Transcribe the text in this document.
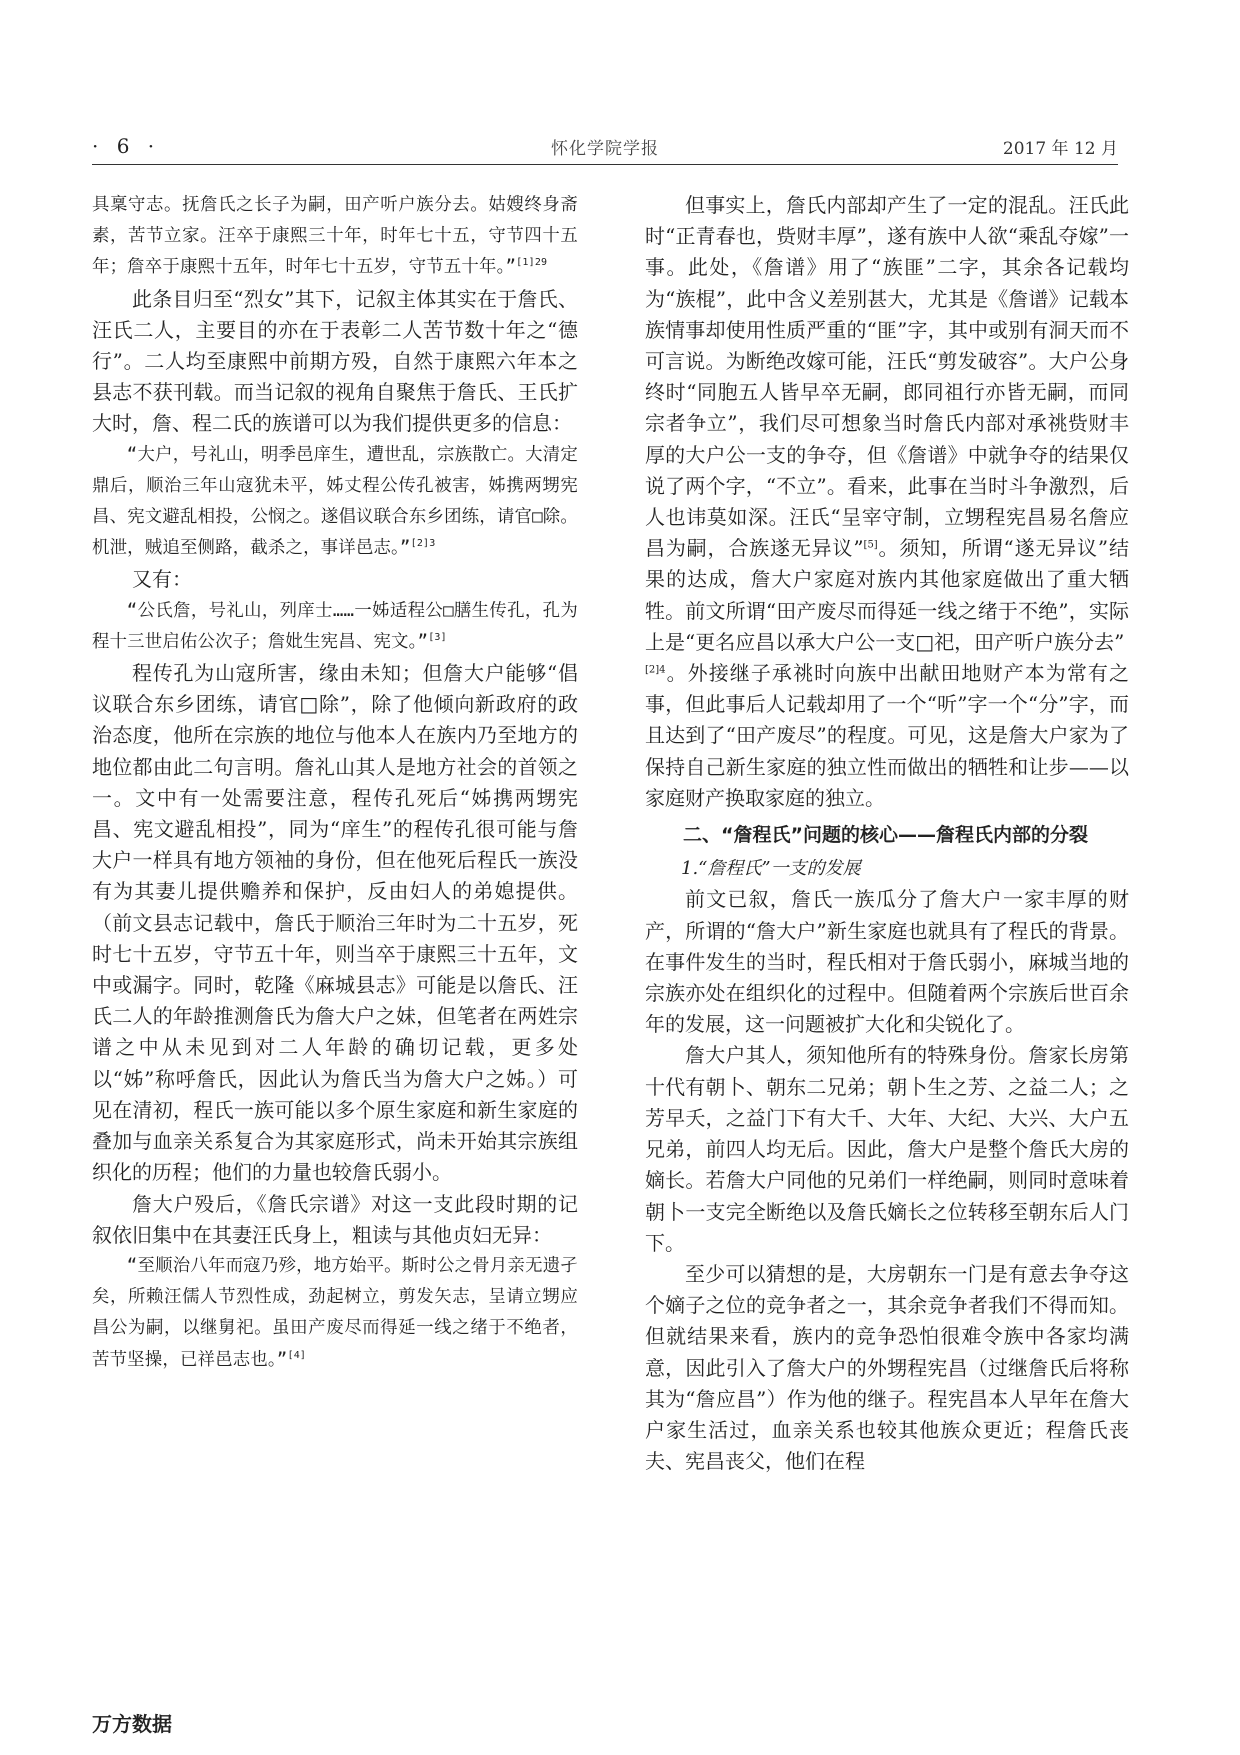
· 6 ·	怀化学院学报	2017 年 12 月

具稟守志。抚詹氏之长子为嗣，田产听户族分去。姑嫂终身斋素，苦节立家。汪卒于康熙三十年，时年七十五，守节四十五年；詹卒于康熙十五年，时年七十五岁，守节五十年。”$^{[1]29}$

此条目归至“烈女”其下，记叙主体其实在于詹氏、汪氏二人，主要目的亦在于表彰二人苦节数十年之“德行”。二人均至康熙中前期方殁，自然于康熙六年本之县志不获刊载。而当记叙的视角自聚焦于詹氏、王氏扩大时，詹、程二氏的族谱可以为我们提供更多的信息：

“大户，号礼山，明季邑庠生，遭世乱，宗族散亡。大清定鼎后，顺治三年山寇犹未平，姊丈程公传孔被害，姊携两甥宪昌、宪文避乱相投，公悯之。遂倡议联合东乡团练，请官□除。机泄，贼追至侧路，截杀之，事详邑志。”$^{[2]3}$

又有：

“公氏詹，号礼山，列庠士……一姊适程公□膳生传孔，孔为程十三世启佑公次子；詹妣生宪昌、宪文。”[3]

程传孔为山寇所害，缘由未知；但詹大户能够“倡议联合东乡团练，请官□除”，除了他倾向新政府的政治态度，他所在宗族的地位与他本人在族内乃至地方的地位都由此二句言明。詹礼山其人是地方社会的首领之一。文中有一处需要注意，程传孔死后“姊携两甥宪昌、宪文避乱相投”，同为“庠生”的程传孔很可能与詹大户一样具有地方领袖的身份，但在他死后程氏一族没有为其妻儿提供赡养和保护，反由妇人的弟媳提供。（前文县志记载中，詹氏于顺治三年时为二十五岁，死时七十五岁，守节五十年，则当卒于康熙三十五年，文中或漏字。同时，乾隆《麻城县志》可能是以詹氏、汪氏二人的年龄推测詹氏为詹大户之妹，但笔者在两姓宗谱之中从未见到对二人年龄的确切记载，更多处以“姊”称呼詹氏，因此认为詹氏当为詹大户之姊。）可见在清初，程氏一族可能以多个原生家庭和新生家庭的叠加与血亲关系复合为其家庭形式，尚未开始其宗族组织化的历程；他们的力量也较詹氏弱小。

詹大户殁后，《詹氏宗谱》对这一支此段时期的记叙依旧集中在其妻汪氏身上，粗读与其他贞妇无异：

“至顺治八年而寇乃殄，地方始平。斯时公之骨月亲无遗孑矣，所赖汪儒人节烈性成，劲起树立，剪发矢志，呈请立甥应昌公为嗣，以继舅祀。虽田产废尽而得延一线之绪于不绝者，苦节坚操，已祥邑志也。”[4]

但事实上，詹氏内部却产生了一定的混乱。汪氏此时“正青春也，赀财丰厚”，遂有族中人欲“乘乱夺嫁”一事。此处，《詹谱》用了“族匪”二字，其余各记载均为“族棍”，此中含义差别甚大，尤其是《詹谱》记载本族情事却使用性质严重的“匪”字，其中或别有洞天而不可言说。为断绝改嫁可能，汪氏“剪发破容”。大户公身终时“同胞五人皆早卒无嗣，郎同祖行亦皆无嗣，而同宗者争立”，我们尽可想象当时詹氏内部对承祧赀财丰厚的大户公一支的争夺，但《詹谱》中就争夺的结果仅说了两个字，“不立”。看来，此事在当时斗争激烈，后人也讳莫如深。汪氏“呈宰守制，立甥程宪昌易名詹应昌为嗣，合族遂无异议”[5]。须知，所谓“遂无异议”结果的达成，詹大户家庭对族内其他家庭做出了重大牺牲。前文所谓“田产废尽而得延一线之绪于不绝”，实际上是“更名应昌以承大户公一支□祀，田产听户族分去”

$^{[2]4}$。外接继子承祧时向族中出献田地财产本为常有之事，但此事后人记载却用了一个“听”字一个“分”字，而且达到了“田产废尽”的程度。可见，这是詹大户家为了保持自己新生家庭的独立性而做出的牺牲和让步——以家庭财产换取家庭的独立。

二、“詹程氏”问题的核心——詹程氏内部的分裂
1.“詹程氏”一支的发展

前文已叙，詹氏一族瓜分了詹大户一家丰厚的财产，所谓的“詹大户”新生家庭也就具有了程氏的背景。在事件发生的当时，程氏相对于詹氏弱小，麻城当地的宗族亦处在组织化的过程中。但随着两个宗族后世百余年的发展，这一问题被扩大化和尖锐化了。

詹大户其人，须知他所有的特殊身份。詹家长房第十代有朝卜、朝东二兄弟；朝卜生之芳、之益二人；之芳早夭，之益门下有大千、大年、大纪、大兴、大户五兄弟，前四人均无后。因此，詹大户是整个詹氏大房的嫡长。若詹大户同他的兄弟们一样绝嗣，则同时意味着朝卜一支完全断绝以及詹氏嫡长之位转移至朝东后人门下。

至少可以猜想的是，大房朝东一门是有意去争夺这个嫡子之位的竞争者之一，其余竞争者我们不得而知。但就结果来看，族内的竞争恐怕很难令族中各家均满意，因此引入了詹大户的外甥程宪昌（过继詹氏后将称其为“詹应昌”）作为他的继子。程宪昌本人早年在詹大户家生活过，血亲关系也较其他族众更近；程詹氏丧夫、宪昌丧父，他们在程

万方数据
